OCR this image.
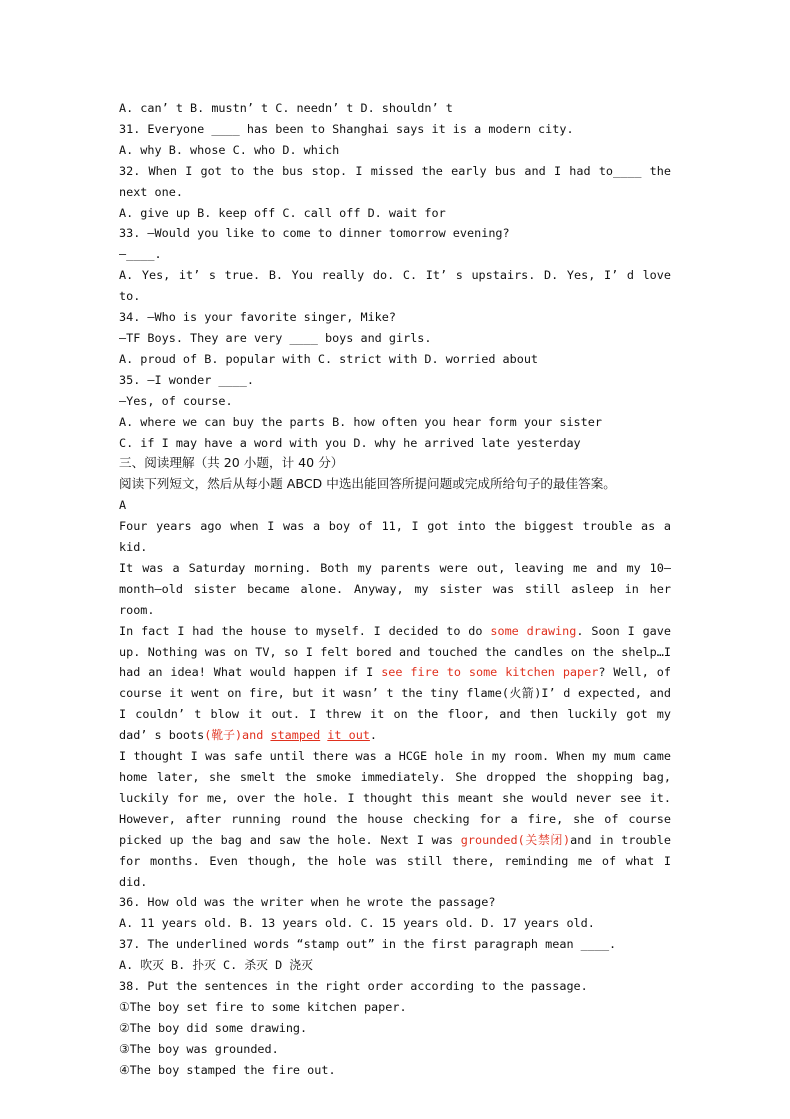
A. can’ t B. mustn’ t C. needn’ t D. shouldn’ t
31. Everyone ____ has been to Shanghai says it is a modern city.
A. why B. whose C. who D. which
32. When I got to the bus stop. I missed the early bus and I had to____ the
next one.
A. give up B. keep off C. call off D. wait for
33. —Would you like to come to dinner tomorrow evening?
—____.
A. Yes, it’ s true. B. You really do. C. It’ s upstairs. D. Yes, I’ d love
to.
34. —Who is your favorite singer, Mike?
—TF Boys. They are very ____ boys and girls.
A. proud of B. popular with C. strict with D. worried about
35. —I wonder ____.
—Yes, of course.
A. where we can buy the parts B. how often you hear form your sister
C. if I may have a word with you D. why he arrived late yesterday
三、阅读理解（共 20 小题，计 40 分）
阅读下列短文，然后从每小题 ABCD 中选出能回答所提问题或完成所给句子的最佳答案。
A
Four years ago when I was a boy of 11, I got into the biggest trouble as a kid.
It was a Saturday morning. Both my parents were out, leaving me and my 10—
month—old sister became alone. Anyway, my sister was still asleep in her room.
In fact I had the house to myself. I decided to do some drawing. Soon I gave
up. Nothing was on TV, so I felt bored and touched the candles on the shelp…I
had an idea! What would happen if I see fire to some kitchen paper? Well, of
course it went on fire, but it wasn’ t the tiny flame(火箭)I’ d expected, and
I couldn’ t blow it out. I threw it on the floor, and then luckily got my
dad’ s boots(靴子)and stamped it out.
I thought I was safe until there was a HCGE hole in my room. When my mum came
home later, she smelt the smoke immediately. She dropped the shopping bag,
luckily for me, over the hole. I thought this meant she would never see it.
However, after running round the house checking for a fire, she of course
picked up the bag and saw the hole. Next I was grounded(关禁闭)and in trouble
for months. Even though, the hole was still there, reminding me of what I did.
36. How old was the writer when he wrote the passage?
A. 11 years old. B. 13 years old. C. 15 years old. D. 17 years old.
37. The underlined words “stamp out” in the first paragraph mean ____.
A. 吹灭 B. 扑灭 C. 杀灭 D 浇灭
38. Put the sentences in the right order according to the passage.
①The boy set fire to some kitchen paper.
②The boy did some drawing.
③The boy was grounded.
④The boy stamped the fire out.
